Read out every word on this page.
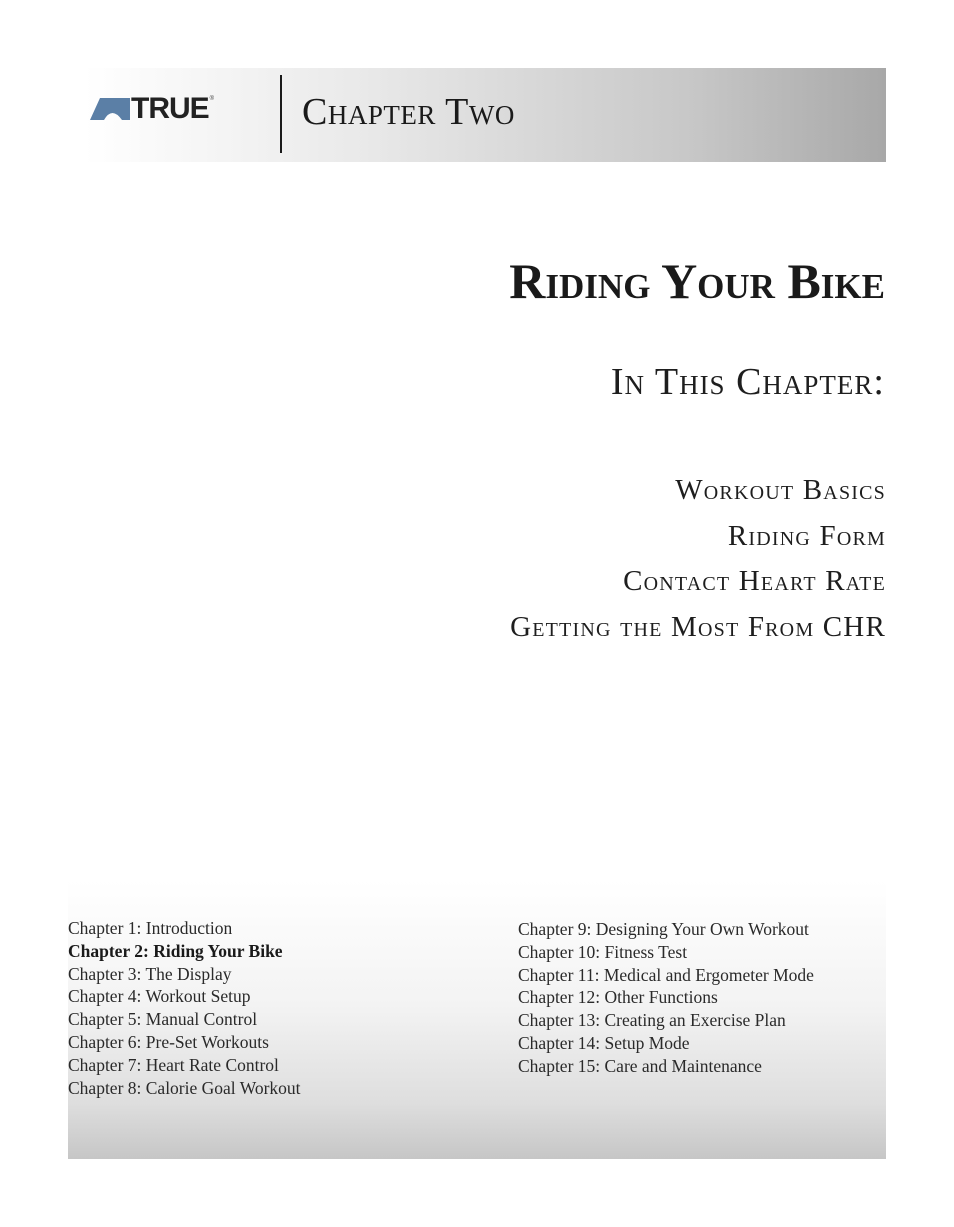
TRUE ® Chapter Two
Riding Your Bike
In This Chapter:
Workout Basics
Riding Form
Contact Heart Rate
Getting the Most From CHR
Chapter 1: Introduction
Chapter 2: Riding Your Bike
Chapter 3: The Display
Chapter 4: Workout Setup
Chapter 5: Manual Control
Chapter 6: Pre-Set Workouts
Chapter 7: Heart Rate Control
Chapter 8: Calorie Goal Workout
Chapter 9: Designing Your Own Workout
Chapter 10: Fitness Test
Chapter 11: Medical and Ergometer Mode
Chapter 12: Other Functions
Chapter 13: Creating an Exercise Plan
Chapter 14: Setup Mode
Chapter 15: Care and Maintenance
